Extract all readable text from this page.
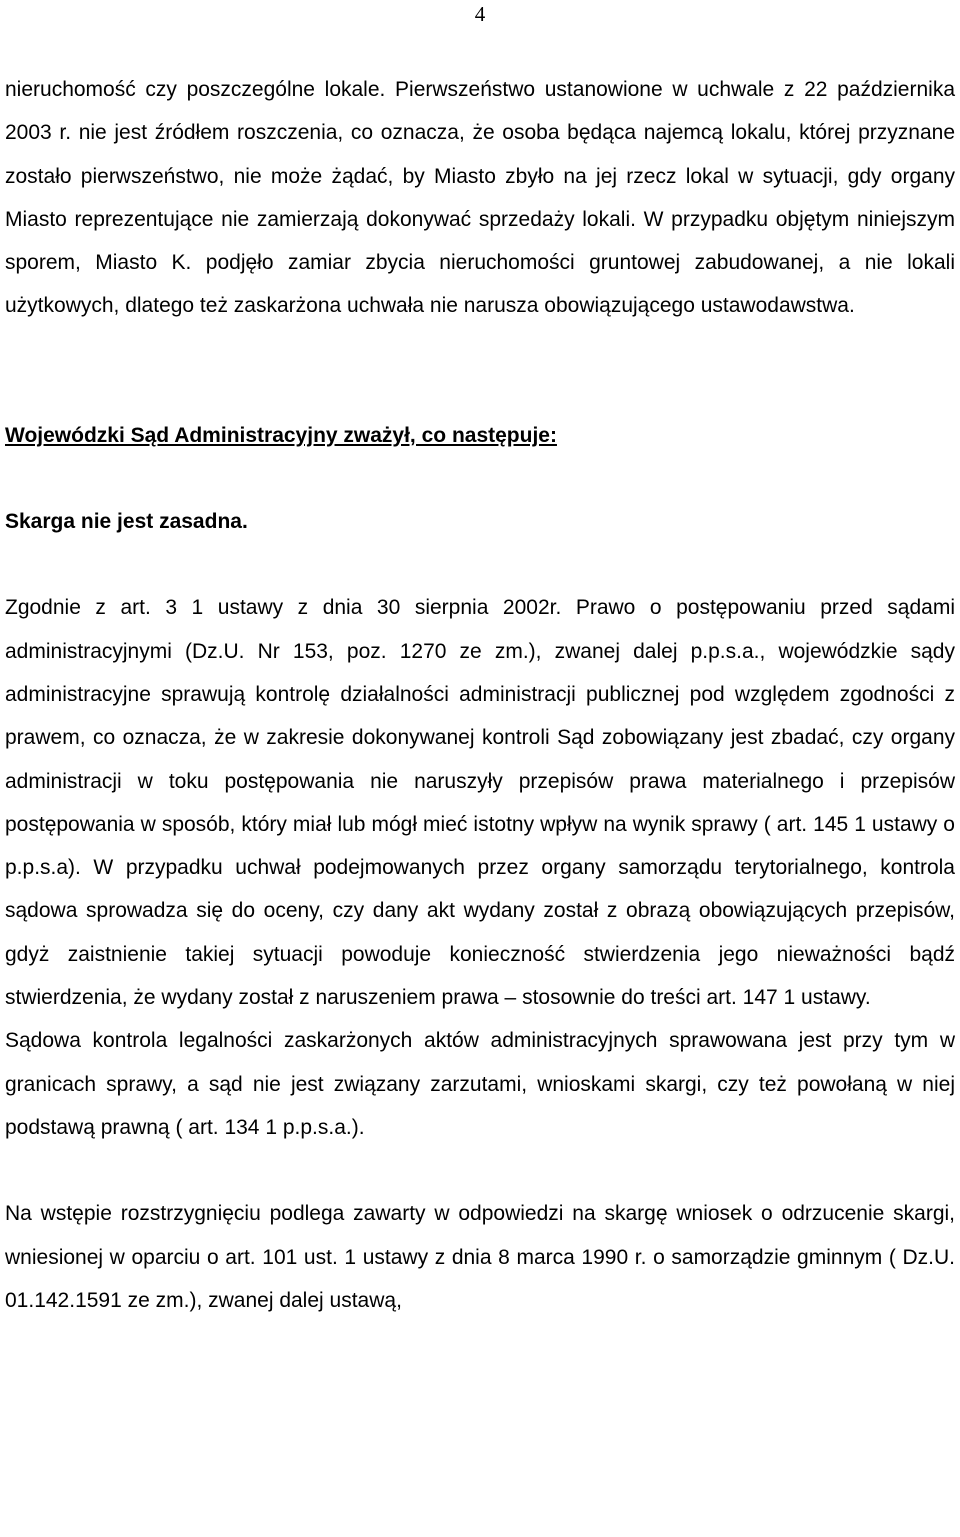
4

nieruchomość czy poszczególne lokale. Pierwszeństwo ustanowione w uchwale z 22 października 2003 r. nie jest źródłem roszczenia, co oznacza, że osoba będąca najemcą lokalu, której przyznane zostało pierwszeństwo, nie może żądać, by Miasto zbyło na jej rzecz lokal w sytuacji, gdy organy Miasto reprezentujące nie zamierzają dokonywać sprzedaży lokali. W przypadku objętym niniejszym sporem, Miasto K. podjęło zamiar zbycia nieruchomości gruntowej zabudowanej, a nie lokali użytkowych, dlatego też zaskarżona uchwała nie narusza obowiązującego ustawodawstwa.

Wojewódzki Sąd Administracyjny zważył, co następuje:

Skarga nie jest zasadna.

Zgodnie z art. 3 1 ustawy z dnia 30 sierpnia 2002r. Prawo o postępowaniu przed sądami administracyjnymi (Dz.U. Nr 153, poz. 1270 ze zm.), zwanej dalej p.p.s.a., wojewódzkie sądy administracyjne sprawują kontrolę działalności administracji publicznej pod względem zgodności z prawem, co oznacza, że w zakresie dokonywanej kontroli Sąd zobowiązany jest zbadać, czy organy administracji w toku postępowania nie naruszyły przepisów prawa materialnego i przepisów postępowania w sposób, który miał lub mógł mieć istotny wpływ na wynik sprawy ( art. 145 1 ustawy o p.p.s.a). W przypadku uchwał podejmowanych przez organy samorządu terytorialnego, kontrola sądowa sprowadza się do oceny, czy dany akt wydany został z obrazą obowiązujących przepisów, gdyż zaistnienie takiej sytuacji powoduje konieczność stwierdzenia jego nieważności bądź stwierdzenia, że wydany został z naruszeniem prawa – stosownie do treści art. 147 1 ustawy.

Sądowa kontrola legalności zaskarżonych aktów administracyjnych sprawowana jest przy tym w granicach sprawy, a sąd nie jest związany zarzutami, wnioskami skargi, czy też powołaną w niej podstawą prawną ( art. 134 1 p.p.s.a.).

Na wstępie rozstrzygnięciu podlega zawarty w odpowiedzi na skargę wniosek o odrzucenie skargi, wniesionej w oparciu o art. 101 ust. 1 ustawy z dnia 8 marca 1990 r. o samorządzie gminnym ( Dz.U. 01.142.1591 ze zm.), zwanej dalej ustawą,
